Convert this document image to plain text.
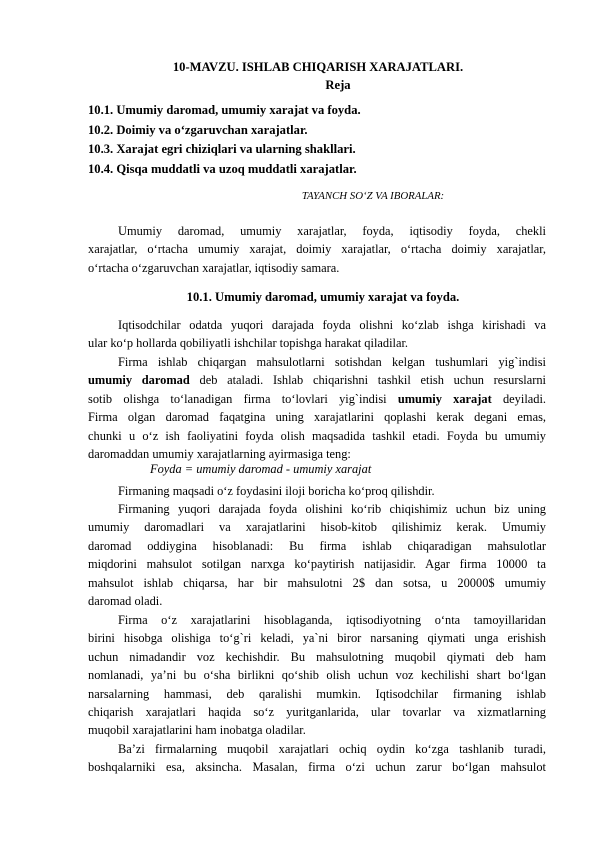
10-MAVZU. ISHLAB CHIQARISH XARAJATLARI.
Reja
10.1. Umumiy daromad, umumiy xarajat va foyda.
10.2. Doimiy va o‘zgaruvchan xarajatlar.
10.3. Xarajat egri chiziqlari va ularning shakllari.
10.4. Qisqa muddatli va uzoq muddatli xarajatlar.
TAYANCH SO‘Z VA IBORALAR:
Umumiy daromad, umumiy xarajatlar, foyda, iqtisodiy foyda, chekli
xarajatlar, o‘rtacha umumiy xarajat, doimiy xarajatlar, o‘rtacha doimiy xarajatlar,
o‘rtacha o‘zgaruvchan xarajatlar, iqtisodiy samara.
10.1. Umumiy daromad, umumiy xarajat va foyda.
Iqtisodchilar odatda yuqori darajada foyda olishni ko‘zlab ishga kirishadi va
ular ko‘p hollarda qobiliyatli ishchilar topishga harakat qiladilar.
Firma ishlab chiqargan mahsulotlarni sotishdan kelgan tushumlari yig`indisi
umumiy daromad deb ataladi. Ishlab chiqarishni tashkil etish uchun resurslarni
sotib olishga to‘lanadigan firma to‘lovlari yig`indisi umumiy xarajat deyiladi.
Firma olgan daromad faqatgina uning xarajatlarini qoplashi kerak degani emas,
chunki u o‘z ish faoliyatini foyda olish maqsadida tashkil etadi. Foyda bu umumiy
daromaddan umumiy xarajatlarning ayirmasiga teng:
Foyda = umumiy daromad - umumiy xarajat
Firmaning maqsadi o‘z foydasini iloji boricha ko‘proq qilishdir.
Firmaning yuqori darajada foyda olishini ko‘rib chiqishimiz uchun biz uning
umumiy daromadlari va xarajatlarini hisob-kitob qilishimiz kerak. Umumiy
daromad oddiygina hisoblanadi: Bu firma ishlab chiqaradigan mahsulotlar
miqdorini mahsulot sotilgan narxga ko‘paytirish natijasidir. Agar firma 10000 ta
mahsulot ishlab chiqarsa, har bir mahsulotni 2$ dan sotsa, u 20000$ umumiy
daromad oladi.
Firma o‘z xarajatlarini hisoblaganda, iqtisodiyotning o‘nta tamoyillaridan
birini hisobga olishiga to‘g`ri keladi, ya`ni biror narsaning qiymati unga erishish
uchun nimadandir voz kechishdir. Bu mahsulotning muqobil qiymati deb ham
nomlanadi, ya’ni bu o‘sha birlikni qo‘shib olish uchun voz kechilishi shart bo‘lgan
narsalarning hammasi, deb qaralishi mumkin. Iqtisodchilar firmaning ishlab
chiqarish xarajatlari haqida so‘z yuritganlarida, ular tovarlar va xizmatlarning
muqobil xarajatlarini ham inobatga oladilar.
Ba’zi firmalarning muqobil xarajatlari ochiq oydin ko‘zga tashlanib turadi,
boshqalarniki esa, aksincha. Masalan, firma o‘zi uchun zarur bo‘lgan mahsulot
